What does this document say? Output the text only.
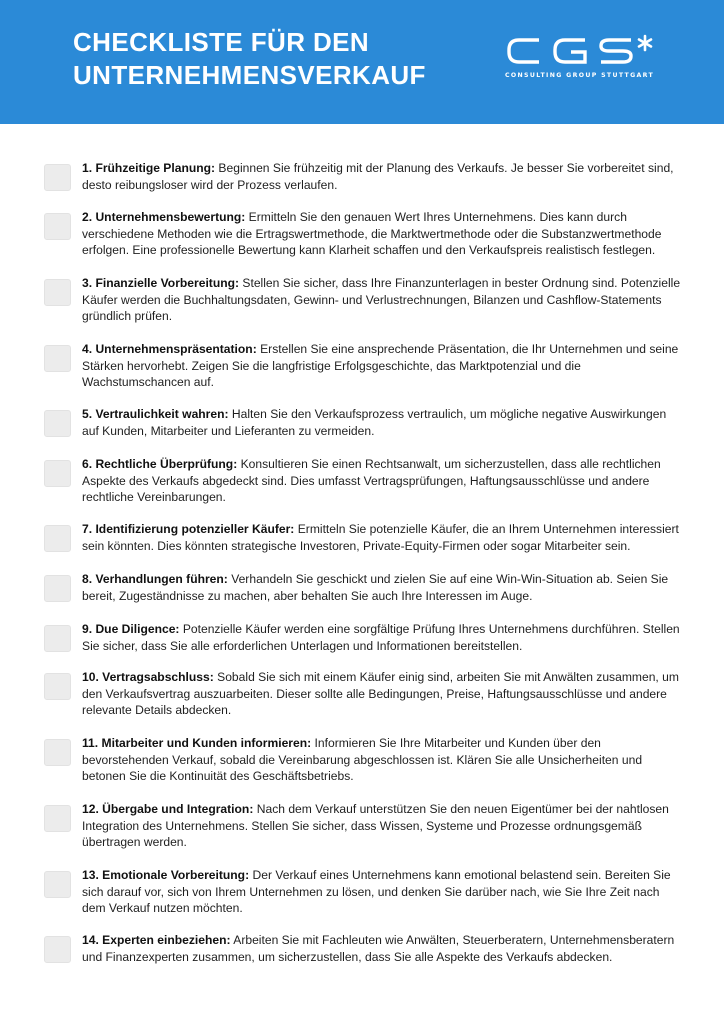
CHECKLISTE FÜR DEN
UNTERNEHMENSVERKAUF	CONSULTING GROUP STUTTGART
1. Frühzeitige Planung: Beginnen Sie frühzeitig mit der Planung des Verkaufs. Je besser Sie vorbereitet sind, desto reibungsloser wird der Prozess verlaufen.
2. Unternehmensbewertung: Ermitteln Sie den genauen Wert Ihres Unternehmens. Dies kann durch verschiedene Methoden wie die Ertragswertmethode, die Marktwertmethode oder die Substanzwertmethode erfolgen. Eine professionelle Bewertung kann Klarheit schaffen und den Verkaufspreis realistisch festlegen.
3. Finanzielle Vorbereitung: Stellen Sie sicher, dass Ihre Finanzunterlagen in bester Ordnung sind. Potenzielle Käufer werden die Buchhaltungsdaten, Gewinn- und Verlustrechnungen, Bilanzen und Cashflow-Statements gründlich prüfen.
4. Unternehmenspräsentation: Erstellen Sie eine ansprechende Präsentation, die Ihr Unternehmen und seine Stärken hervorhebt. Zeigen Sie die langfristige Erfolgsgeschichte, das Marktpotenzial und die Wachstumschancen auf.
5. Vertraulichkeit wahren: Halten Sie den Verkaufsprozess vertraulich, um mögliche negative Auswirkungen auf Kunden, Mitarbeiter und Lieferanten zu vermeiden.
6. Rechtliche Überprüfung: Konsultieren Sie einen Rechtsanwalt, um sicherzustellen, dass alle rechtlichen Aspekte des Verkaufs abgedeckt sind. Dies umfasst Vertragsprüfungen, Haftungsausschlüsse und andere rechtliche Vereinbarungen.
7. Identifizierung potenzieller Käufer: Ermitteln Sie potenzielle Käufer, die an Ihrem Unternehmen interessiert sein könnten. Dies könnten strategische Investoren, Private-Equity-Firmen oder sogar Mitarbeiter sein.
8. Verhandlungen führen: Verhandeln Sie geschickt und zielen Sie auf eine Win-Win-Situation ab. Seien Sie bereit, Zugeständnisse zu machen, aber behalten Sie auch Ihre Interessen im Auge.
9. Due Diligence: Potenzielle Käufer werden eine sorgfältige Prüfung Ihres Unternehmens durchführen. Stellen Sie sicher, dass Sie alle erforderlichen Unterlagen und Informationen bereitstellen.
10. Vertragsabschluss: Sobald Sie sich mit einem Käufer einig sind, arbeiten Sie mit Anwälten zusammen, um den Verkaufsvertrag auszuarbeiten. Dieser sollte alle Bedingungen, Preise, Haftungsausschlüsse und andere relevante Details abdecken.
11. Mitarbeiter und Kunden informieren: Informieren Sie Ihre Mitarbeiter und Kunden über den bevorstehenden Verkauf, sobald die Vereinbarung abgeschlossen ist. Klären Sie alle Unsicherheiten und betonen Sie die Kontinuität des Geschäftsbetriebs.
12. Übergabe und Integration: Nach dem Verkauf unterstützen Sie den neuen Eigentümer bei der nahtlosen Integration des Unternehmens. Stellen Sie sicher, dass Wissen, Systeme und Prozesse ordnungsgemäß übertragen werden.
13. Emotionale Vorbereitung: Der Verkauf eines Unternehmens kann emotional belastend sein. Bereiten Sie sich darauf vor, sich von Ihrem Unternehmen zu lösen, und denken Sie darüber nach, wie Sie Ihre Zeit nach dem Verkauf nutzen möchten.
14. Experten einbeziehen: Arbeiten Sie mit Fachleuten wie Anwälten, Steuerberatern, Unternehmensberatern und Finanzexperten zusammen, um sicherzustellen, dass Sie alle Aspekte des Verkaufs abdecken.
